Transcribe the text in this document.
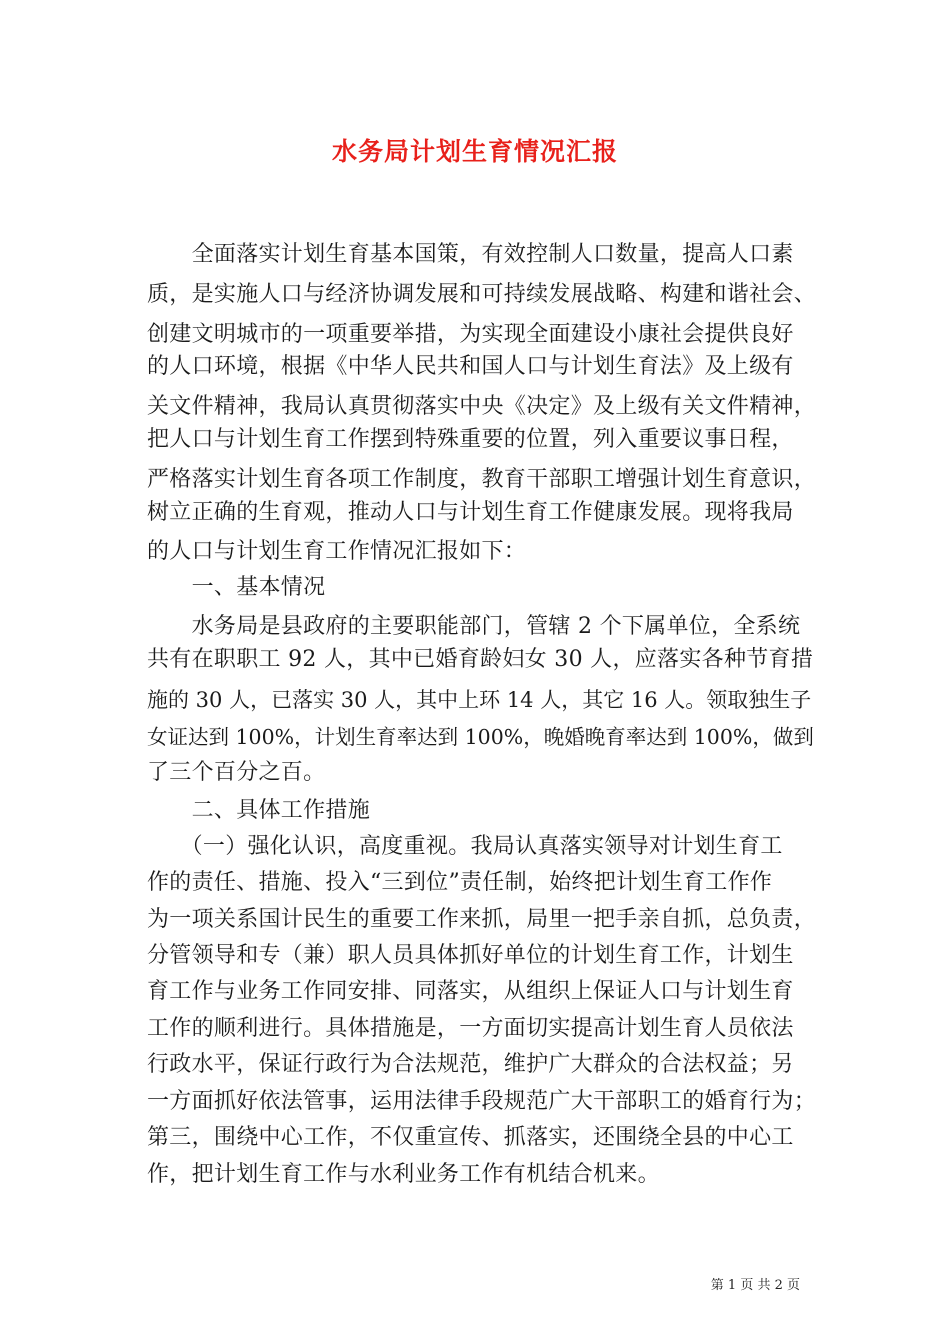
水务局计划生育情况汇报

　　全面落实计划生育基本国策，有效控制人口数量，提高人口素

质，是实施人口与经济协调发展和可持续发展战略、构建和谐社会、

创建文明城市的一项重要举措，为实现全面建设小康社会提供良好

的人口环境，根据《中华人民共和国人口与计划生育法》及上级有

关文件精神，我局认真贯彻落实中央《决定》及上级有关文件精神，

把人口与计划生育工作摆到特殊重要的位置，列入重要议事日程，

严格落实计划生育各项工作制度，教育干部职工增强计划生育意识，

树立正确的生育观，推动人口与计划生育工作健康发展。现将我局

的人口与计划生育工作情况汇报如下：

　　一、基本情况

　　水务局是县政府的主要职能部门，管辖 2 个下属单位，全系统

共有在职职工 92 人，其中已婚育龄妇女 30 人，应落实各种节育措

施的 30 人，已落实 30 人，其中上环 14 人，其它 16 人。领取独生子

女证达到 100%，计划生育率达到 100%，晚婚晚育率达到 100%，做到

了三个百分之百。

　　二、具体工作措施

　　（一）强化认识，高度重视。我局认真落实领导对计划生育工

作的责任、措施、投入“三到位”责任制，始终把计划生育工作作

为一项关系国计民生的重要工作来抓，局里一把手亲自抓，总负责，

分管领导和专（兼）职人员具体抓好单位的计划生育工作，计划生

育工作与业务工作同安排、同落实，从组织上保证人口与计划生育

工作的顺利进行。具体措施是，一方面切实提高计划生育人员依法

行政水平，保证行政行为合法规范，维护广大群众的合法权益；另

一方面抓好依法管事，运用法律手段规范广大干部职工的婚育行为；

第三，围绕中心工作，不仅重宣传、抓落实，还围绕全县的中心工

作，把计划生育工作与水利业务工作有机结合机来。

第 1 页 共 2 页
